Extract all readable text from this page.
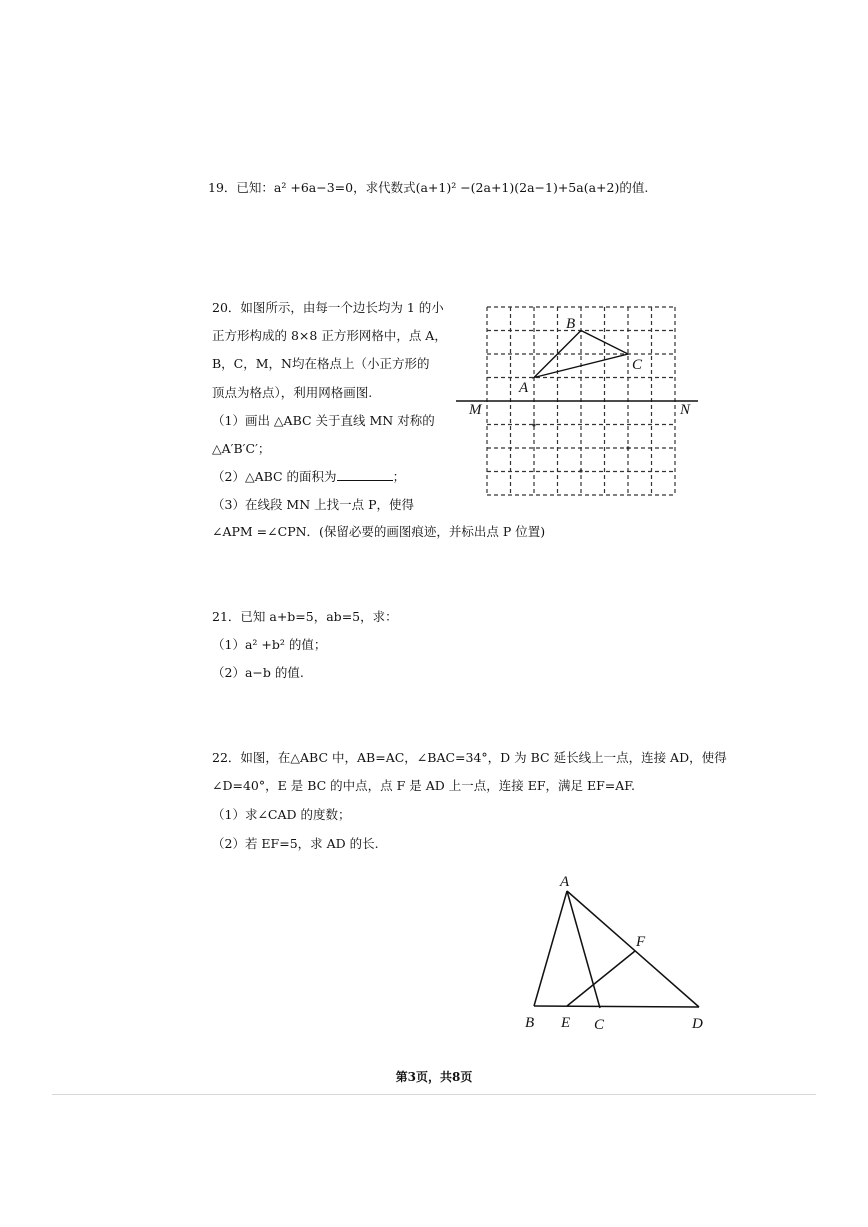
19．已知：a² +6a−3=0，求代数式(a+1)² −(2a+1)(2a−1)+5a(a+2)的值.
20．如图所示，由每一个边长均为 1 的小
正方形构成的 8×8 正方形网格中，点 A，
B，C，M，N均在格点上（小正方形的
顶点为格点），利用网格画图.
（1）画出 △ABC 关于直线 MN 对称的
△A′B′C′；
（2）△ABC 的面积为	；
（3）在线段 MN 上找一点 P，使得
∠APM =∠CPN．(保留必要的画图痕迹，并标出点 P 位置)
21．已知 a+b=5，ab=5，求：
（1）a² +b² 的值；
（2）a−b 的值.
22．如图，在△ABC 中，AB=AC，∠BAC=34°，D 为 BC 延长线上一点，连接 AD，使得
∠D=40°，E 是 BC 的中点，点 F 是 AD 上一点，连接 EF，满足 EF=AF.
（1）求∠CAD 的度数；
（2）若 EF=5，求 AD 的长.
B
C
A
M	N
A
F
B E C	D
第3页，共8页
